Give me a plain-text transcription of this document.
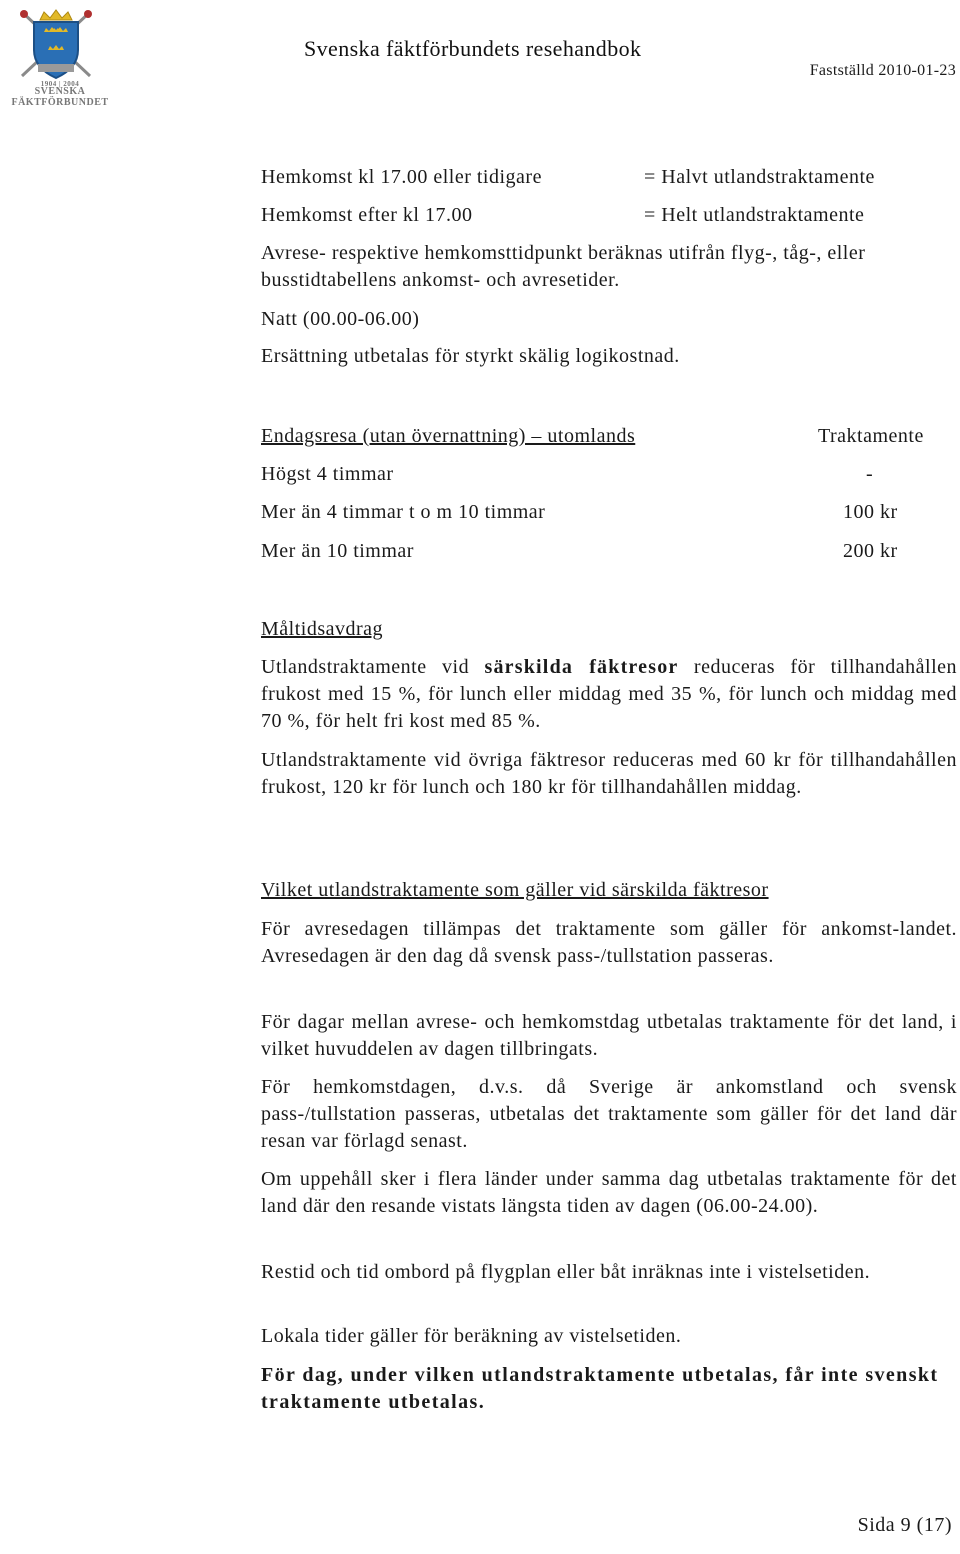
1904 | 2004
SVENSKA
FÄKTFÖRBUNDET
Svenska fäktförbundets resehandbok
Fastställd 2010-01-23
Hemkomst kl 17.00 eller tidigare	= Halvt utlandstraktamente
Hemkomst efter kl 17.00	= Helt utlandstraktamente
Avrese- respektive hemkomsttidpunkt beräknas utifrån flyg-, tåg-, eller busstidtabellens ankomst- och avresetider.
Natt (00.00-06.00)
Ersättning utbetalas för styrkt skälig logikostnad.
Endagsresa (utan övernattning) – utomlands	Traktamente
Högst 4 timmar	-
Mer än 4 timmar t o m 10 timmar	100 kr
Mer än 10 timmar	200 kr
Måltidsavdrag
Utlandstraktamente vid särskilda fäktresor reduceras för tillhandahållen frukost med 15 %, för lunch eller middag med 35 %, för lunch och middag med 70 %, för helt fri kost med 85 %.
Utlandstraktamente vid övriga fäktresor reduceras med 60 kr för tillhandahållen frukost, 120 kr för lunch och 180 kr för tillhandahållen middag.
Vilket utlandstraktamente som gäller vid särskilda fäktresor
För avresedagen tillämpas det traktamente som gäller för ankomst-landet. Avresedagen är den dag då svensk pass-/tullstation passeras.
För dagar mellan avrese- och hemkomstdag utbetalas traktamente för det land, i vilket huvuddelen av dagen tillbringats.
För hemkomstdagen, d.v.s. då Sverige är ankomstland och svensk pass-/tullstation passeras, utbetalas det traktamente som gäller för det land där resan var förlagd senast.
Om uppehåll sker i flera länder under samma dag utbetalas traktamente för det land där den resande vistats längsta tiden av dagen (06.00-24.00).
Restid och tid ombord på flygplan eller båt inräknas inte i vistelsetiden.
Lokala tider gäller för beräkning av vistelsetiden.
För dag, under vilken utlandstraktamente utbetalas, får inte svenskt traktamente utbetalas.
Sida 9 (17)
